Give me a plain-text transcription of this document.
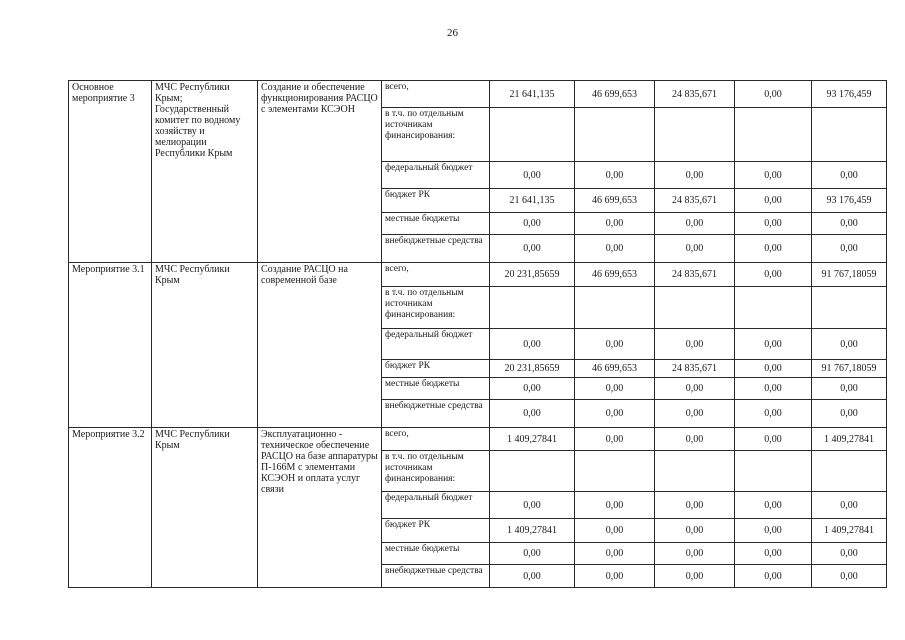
26
Основное мероприятие 3	МЧС Республики Крым; Государственный комитет по водному хозяйству и мелиорации Республики Крым	Создание и обеспечение функционирования РАСЦО с элементами КСЭОН	всего,	21 641,135	46 699,653	24 835,671	0,00	93 176,459
			в т.ч. по отдельным источникам финансирования:					
			федеральный бюджет	0,00	0,00	0,00	0,00	0,00
			бюджет РК	21 641,135	46 699,653	24 835,671	0,00	93 176,459
			местные бюджеты	0,00	0,00	0,00	0,00	0,00
			внебюджетные средства	0,00	0,00	0,00	0,00	0,00
Мероприятие 3.1	МЧС Республики Крым	Создание РАСЦО на современной базе	всего,	20 231,85659	46 699,653	24 835,671	0,00	91 767,18059
			в т.ч. по отдельным источникам финансирования:					
			федеральный бюджет	0,00	0,00	0,00	0,00	0,00
			бюджет РК	20 231,85659	46 699,653	24 835,671	0,00	91 767,18059
			местные бюджеты	0,00	0,00	0,00	0,00	0,00
			внебюджетные средства	0,00	0,00	0,00	0,00	0,00
Мероприятие 3.2	МЧС Республики Крым	Эксплуатационно - техническое обеспечение РАСЦО на базе аппаратуры П-166М с элементами КСЭОН и оплата услуг связи	всего,	1 409,27841	0,00	0,00	0,00	1 409,27841
			в т.ч. по отдельным источникам финансирования:					
			федеральный бюджет	0,00	0,00	0,00	0,00	0,00
			бюджет РК	1 409,27841	0,00	0,00	0,00	1 409,27841
			местные бюджеты	0,00	0,00	0,00	0,00	0,00
			внебюджетные средства	0,00	0,00	0,00	0,00	0,00
